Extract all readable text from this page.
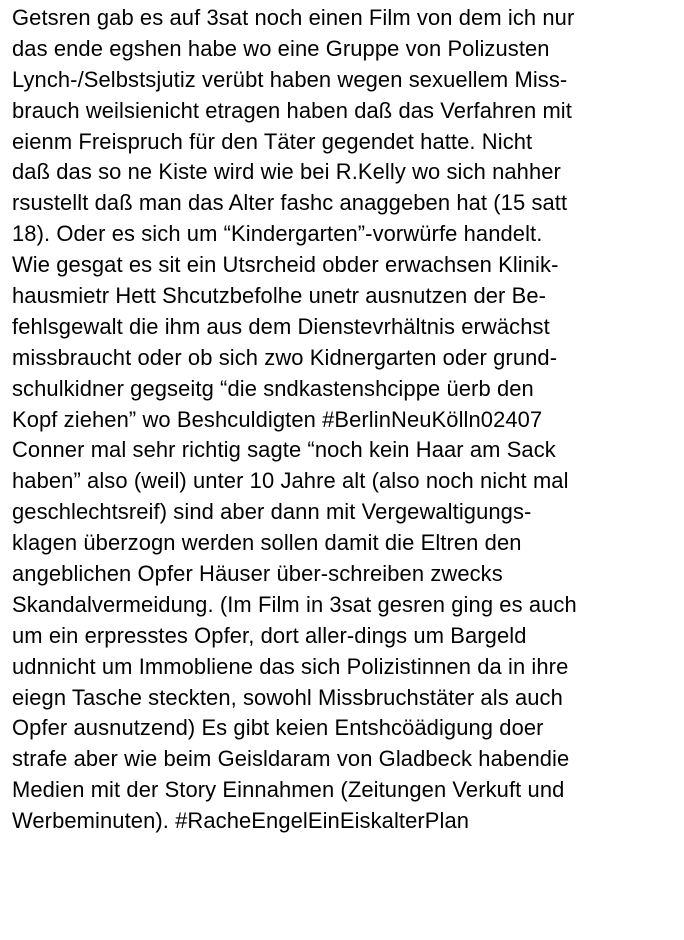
Getsren gab es auf 3sat noch einen Film von dem ich nur
das ende egshen habe wo eine Gruppe von Polizusten
Lynch-/Selbstsjutiz verübt haben wegen sexuellem Miss-
brauch weilsienicht etragen haben daß das Verfahren mit
eienm Freispruch für den Täter gegendet hatte. Nicht
daß das so ne Kiste wird wie bei R.Kelly wo sich nahher
rsustellt daß man das Alter fashc anaggeben hat (15 satt
18). Oder es sich um “Kindergarten”-vorwürfe handelt.
Wie gesgat es sit ein Utsrcheid obder erwachsen Klinik-
hausmietr Hett Shcutzbefolhe unetr ausnutzen der Be-
fehlsgewalt die ihm aus dem Dienstevrhältnis erwächst
missbraucht oder ob sich zwo Kidnergarten oder grund-
schulkidner gegseitg “die sndkastenshcippe üerb den
Kopf ziehen” wo Beshculdigten #BerlinNeuKölln02407
Conner mal sehr richtig sagte “noch kein Haar am Sack
haben” also (weil) unter 10 Jahre alt (also noch nicht mal
geschlechtsreif) sind aber dann mit Vergewaltigungs-
klagen überzogn werden sollen damit die Eltren den
angeblichen Opfer Häuser über-schreiben zwecks
Skandalvermeidung. (Im Film in 3sat gesren ging es auch
um ein erpresstes Opfer, dort aller-dings um Bargeld
udnnicht um Immobliene das sich Polizistinnen da in ihre
eiegn Tasche steckten, sowohl Missbruchstäter als auch
Opfer ausnutzend) Es gibt keien Entshcöädigung doer
strafe aber wie beim Geisldaram von Gladbeck habendie
Medien mit der Story Einnahmen (Zeitungen Verkuft und
Werbeminuten). #RacheEngelEinEiskalterPlan
